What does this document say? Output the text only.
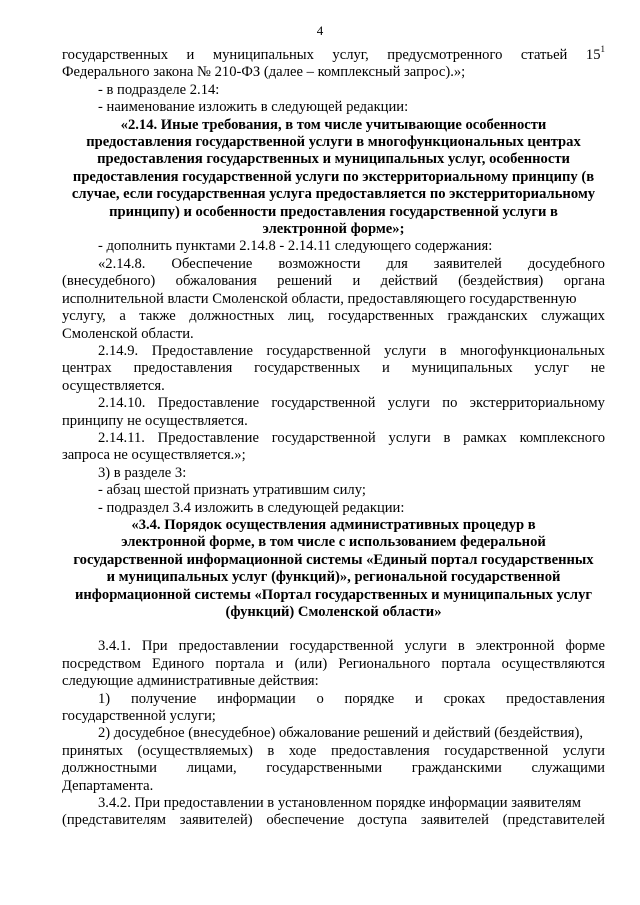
4
государственных и муниципальных услуг, предусмотренного статьей $15^1$
Федерального закона № 210-ФЗ (далее – комплексный запрос).»;
- в подразделе 2.14:
- наименование изложить в следующей редакции:
«2.14. Иные требования, в том числе учитывающие особенности
предоставления государственной услуги в многофункциональных центрах
предоставления государственных и муниципальных услуг, особенности
предоставления государственной услуги по экстерриториальному принципу (в
случае, если государственная услуга предоставляется по экстерриториальному
принципу) и особенности предоставления государственной услуги в
электронной форме»;
- дополнить пунктами 2.14.8 - 2.14.11 следующего содержания:
«2.14.8. Обеспечение возможности для заявителей досудебного
(внесудебного) обжалования решений и действий (бездействия) органа
исполнительной власти Смоленской области, предоставляющего государственную
услугу, а также должностных лиц, государственных гражданских служащих
Смоленской области.
2.14.9. Предоставление государственной услуги в многофункциональных
центрах предоставления государственных и муниципальных услуг не
осуществляется.
2.14.10. Предоставление государственной услуги по экстерриториальному
принципу не осуществляется.
2.14.11. Предоставление государственной услуги в рамках комплексного
запроса не осуществляется.»;
3) в разделе 3:
- абзац шестой признать утратившим силу;
- подраздел 3.4 изложить в следующей редакции:
«3.4. Порядок осуществления административных процедур в
электронной форме, в том числе с использованием федеральной
государственной информационной системы «Единый портал государственных
и муниципальных услуг (функций)», региональной государственной
информационной системы «Портал государственных и муниципальных услуг
(функций) Смоленской области»
3.4.1. При предоставлении государственной услуги в электронной форме
посредством Единого портала и (или) Регионального портала осуществляются
следующие административные действия:
1) получение информации о порядке и сроках предоставления
государственной услуги;
2) досудебное (внесудебное) обжалование решений и действий (бездействия),
принятых (осуществляемых) в ходе предоставления государственной услуги
должностными лицами, государственными гражданскими служащими
Департамента.
3.4.2. При предоставлении в установленном порядке информации заявителям
(представителям заявителей) обеспечение доступа заявителей (представителей
